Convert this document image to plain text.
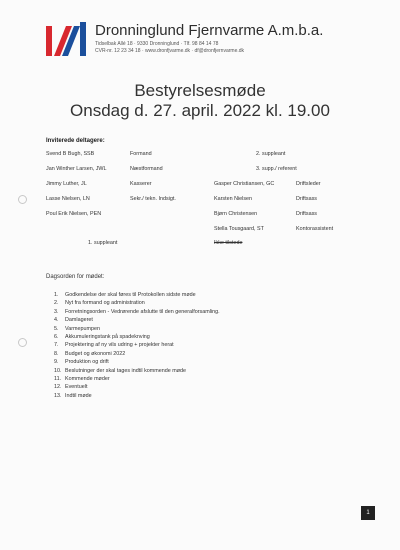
Dronninglund Fjernvarme A.m.b.a.
Tidselbak Allé 18 · 9330 Dronninglund · Tlf. 98 84 14 78
CVR-nr. 12 23 34 18 · www.dronfjvarme.dk · df@dronfjernvarme.dk
Bestyrelsesmøde
Onsdag d. 27. april. 2022 kl. 19.00
Inviterede deltagere:
Svend B Bugh, SSB	Formand	2. suppleant
Jan Winther Larsen, JWL	Næstformand	3. supp./ referent
Jimmy Luther, JL	Kasserer	Gasper Christiansen, GC	Driftsleder
Lasse Nielsen, LN	Sekr./ tekn. Indsigt.	Karsten Nielsen	Driftsass
Poul Erik Nielsen, PEN	Bjørn Christensen	Driftsass
Stella Tousgaard, ST	Kontorassistent
1. suppleant	Ikke tilstede
Dagsorden for mødet:
1. Godkendelse der skal føres til Protokollen sidste møde
2. Nyt fra formand og administration
3. Forretningsorden - Vedrørende afslutte til den generalforsamling.
4. Damlageret
5. Varmepumpen
6. Akkumuleringstank på spadeknving
7. Projektering af ny vils udring + projekter herat
8. Budget og økonomi 2022
9. Produktion og drift
10. Beslutninger der skal tages indtil kommende møde
11. Kommende møder
12. Eventuelt
13. Indtil møde
1
